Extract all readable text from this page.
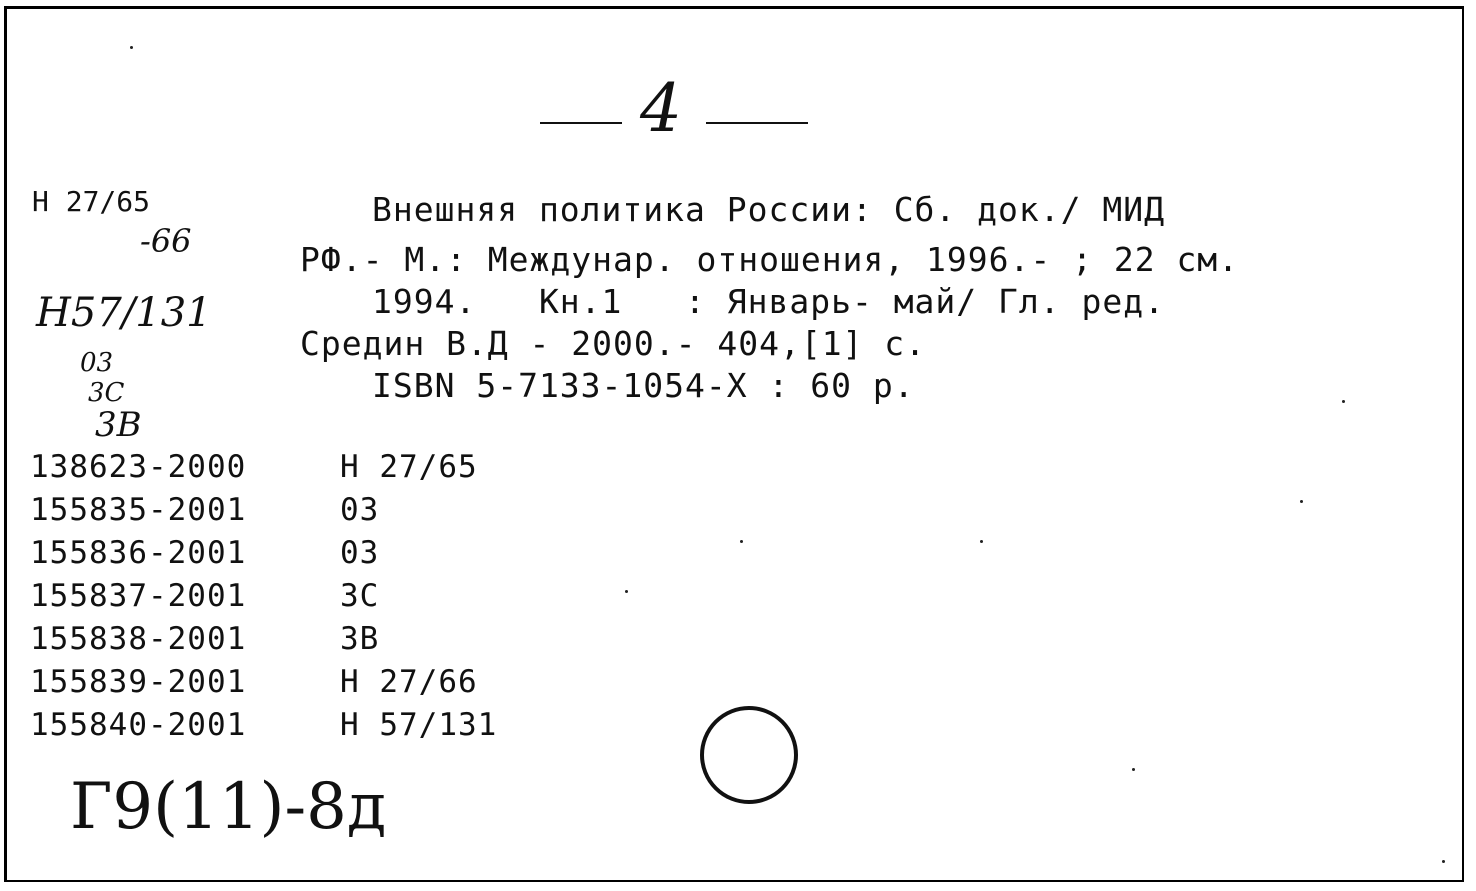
4
Н 27/65
-66
Н57/131
03
3С
3В
Внешняя политика России: Сб. док./ МИД
РФ.- М.: Междунар. отношения, 1996.- ; 22 см.
1994.   Кн.1   : Январь- май/ Гл. ред.
Средин В.Д - 2000.- 404,[1] с.
ISBN 5-7133-1054-X : 60 р.
138623-2000	Н 27/65
155835-2001	03
155836-2001	03
155837-2001	3С
155838-2001	3В
155839-2001	Н 27/66
155840-2001	Н 57/131
Г9(11)-8д
